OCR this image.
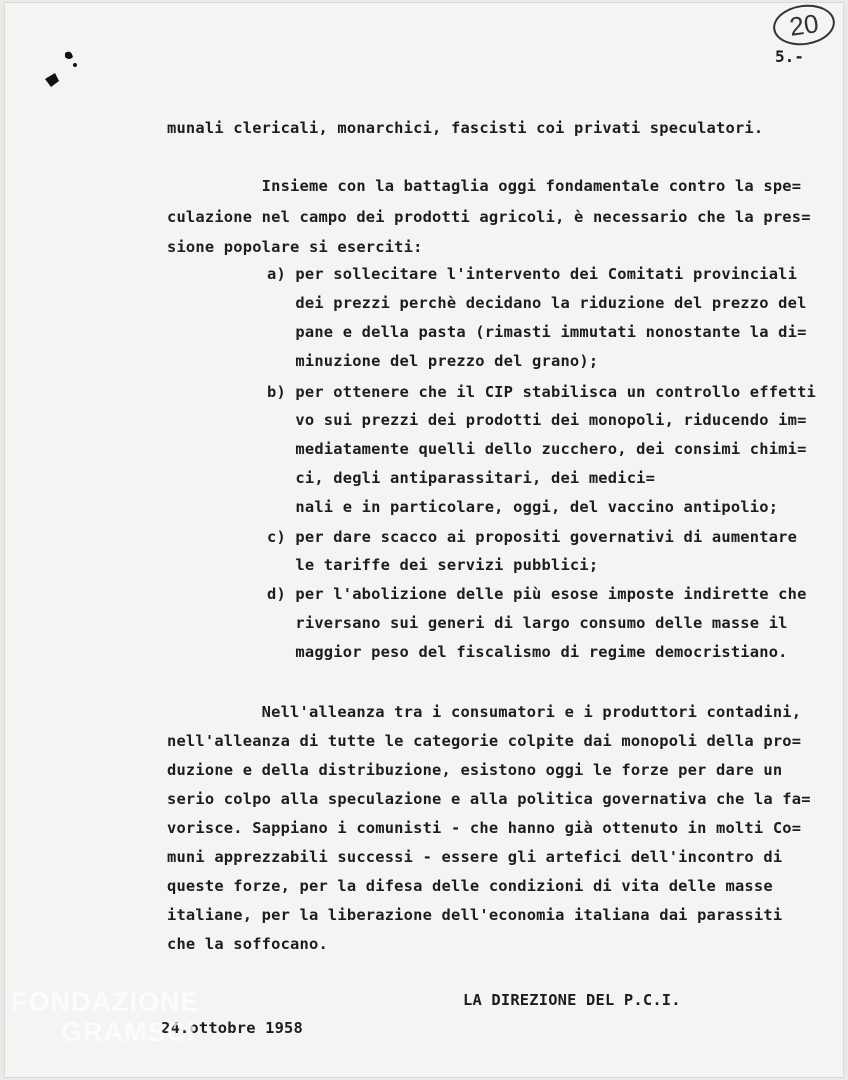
20
5.-
munali clericali, monarchici, fascisti coi privati speculatori.
Insieme con la battaglia oggi fondamentale contro la spe=
culazione nel campo dei prodotti agricoli, è necessario che la pres=
sione popolare si eserciti:
a) per sollecitare l'intervento dei Comitati provinciali
dei prezzi perchè decidano la riduzione del prezzo del
pane e della pasta (rimasti immutati nonostante la di=
minuzione del prezzo del grano);
b) per ottenere che il CIP stabilisca un controllo effetti
vo sui prezzi dei prodotti dei monopoli, riducendo im=
mediatamente quelli dello zucchero, dei consimi chimi=
ci, degli antiparassitari, dei medici=
nali e in particolare, oggi, del vaccino antipolio;
c) per dare scacco ai propositi governativi di aumentare
le tariffe dei servizi pubblici;
d) per l'abolizione delle più esose imposte indirette che
riversano sui generi di largo consumo delle masse il
maggior peso del fiscalismo di regime democristiano.
Nell'alleanza tra i consumatori e i produttori contadini,
nell'alleanza di tutte le categorie colpite dai monopoli della pro=
duzione e della distribuzione, esistono oggi le forze per dare un
serio colpo alla speculazione e alla politica governativa che la fa=
vorisce. Sappiano i comunisti - che hanno già ottenuto in molti Co=
muni apprezzabili successi - essere gli artefici dell'incontro di
queste forze, per la difesa delle condizioni di vita delle masse
italiane, per la liberazione dell'economia italiana dai parassiti
che la soffocano.
LA DIREZIONE DEL P.C.I.
24.ottobre 1958
FONDAZIONE
GRAMSCI
